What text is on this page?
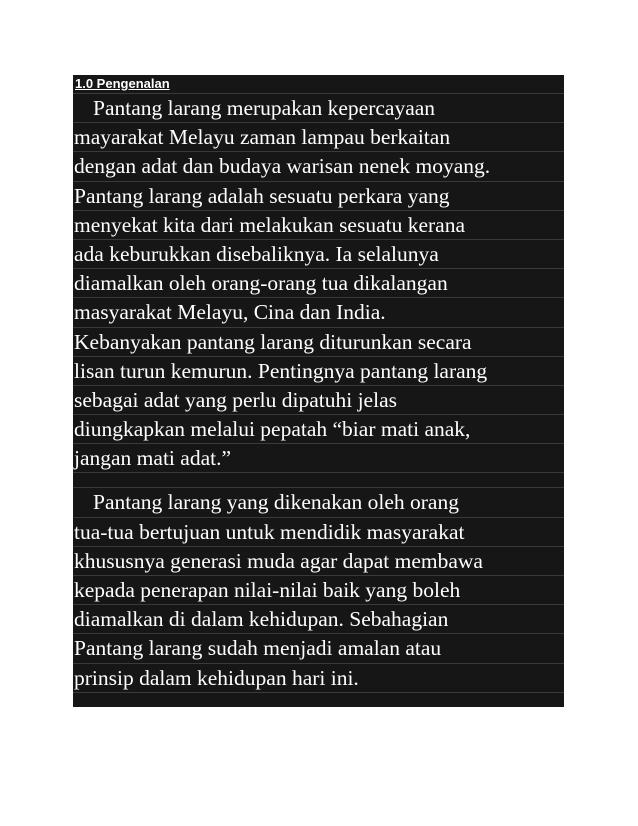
1.0 Pengenalan
Pantang larang merupakan kepercayaan
mayarakat Melayu zaman lampau berkaitan
dengan adat dan budaya warisan nenek moyang.
Pantang larang adalah sesuatu perkara yang
menyekat kita dari melakukan sesuatu kerana
ada keburukkan disebaliknya. Ia selalunya
diamalkan oleh orang-orang tua dikalangan
masyarakat Melayu, Cina dan India.
Kebanyakan pantang larang diturunkan secara
lisan turun kemurun. Pentingnya pantang larang
sebagai adat yang perlu dipatuhi jelas
diungkapkan melalui pepatah “biar mati anak,
jangan mati adat.”
Pantang larang yang dikenakan oleh orang
tua-tua bertujuan untuk mendidik masyarakat
khususnya generasi muda agar dapat membawa
kepada penerapan nilai-nilai baik yang boleh
diamalkan di dalam kehidupan. Sebahagian
Pantang larang sudah menjadi amalan atau
prinsip dalam kehidupan hari ini.
